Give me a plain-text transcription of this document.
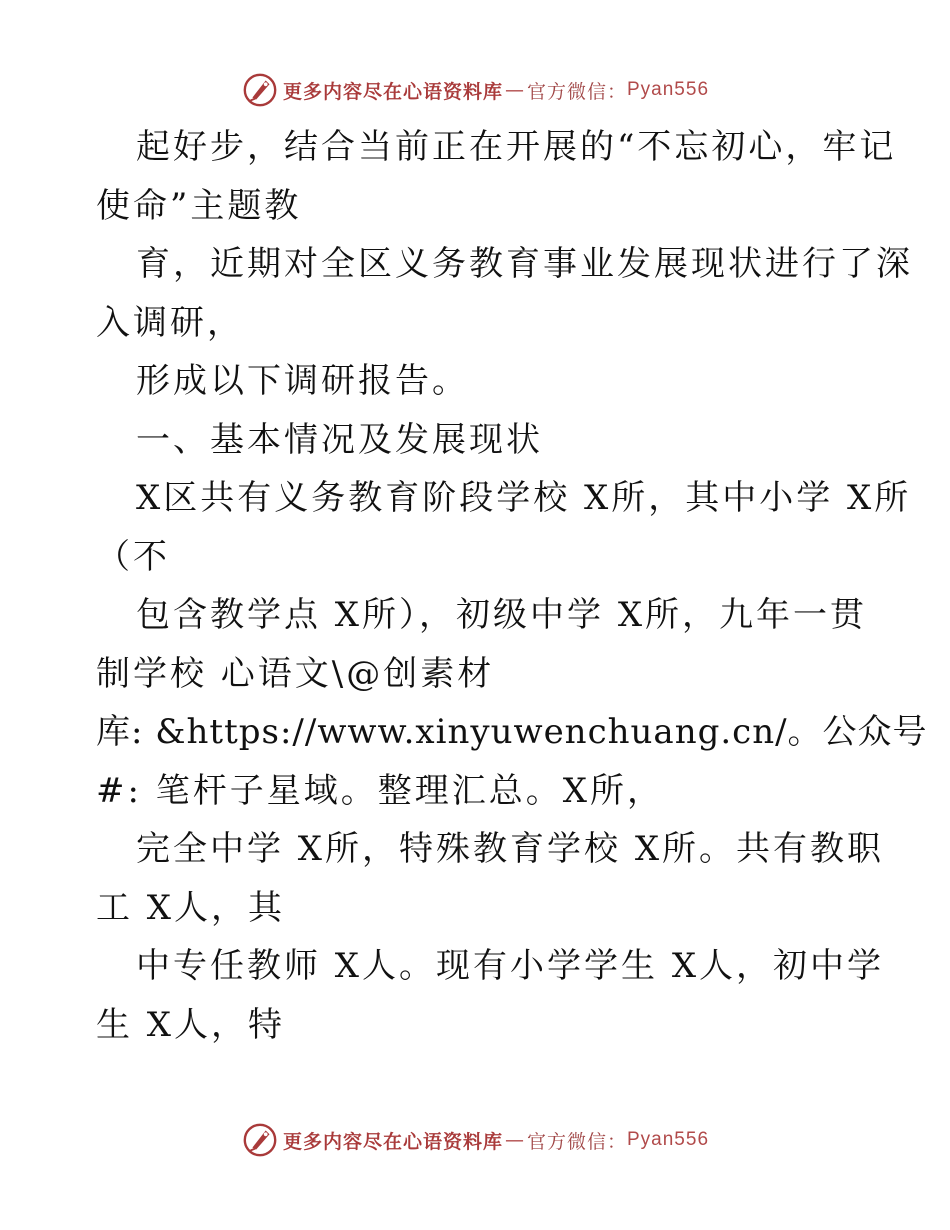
更多内容尽在心语资料库 — 官方微信： Pyan556
起好步，结合当前正在开展的“不忘初心，牢记
使命”主题教
育，近期对全区义务教育事业发展现状进行了深
入调研，
形成以下调研报告。
一、基本情况及发展现状
X区共有义务教育阶段学校 X所，其中小学 X所
（不
包含教学点 X所），初级中学 X所，九年一贯
制学校 心语文\@创素材
库: &https://www.xinyuwenchuang.cn/。公众号
#: 笔杆子星域。整理汇总。X所，
完全中学 X所，特殊教育学校 X所。共有教职
工 X人，其
中专任教师 X人。现有小学学生 X人，初中学
生 X人，特
更多内容尽在心语资料库 — 官方微信： Pyan556
